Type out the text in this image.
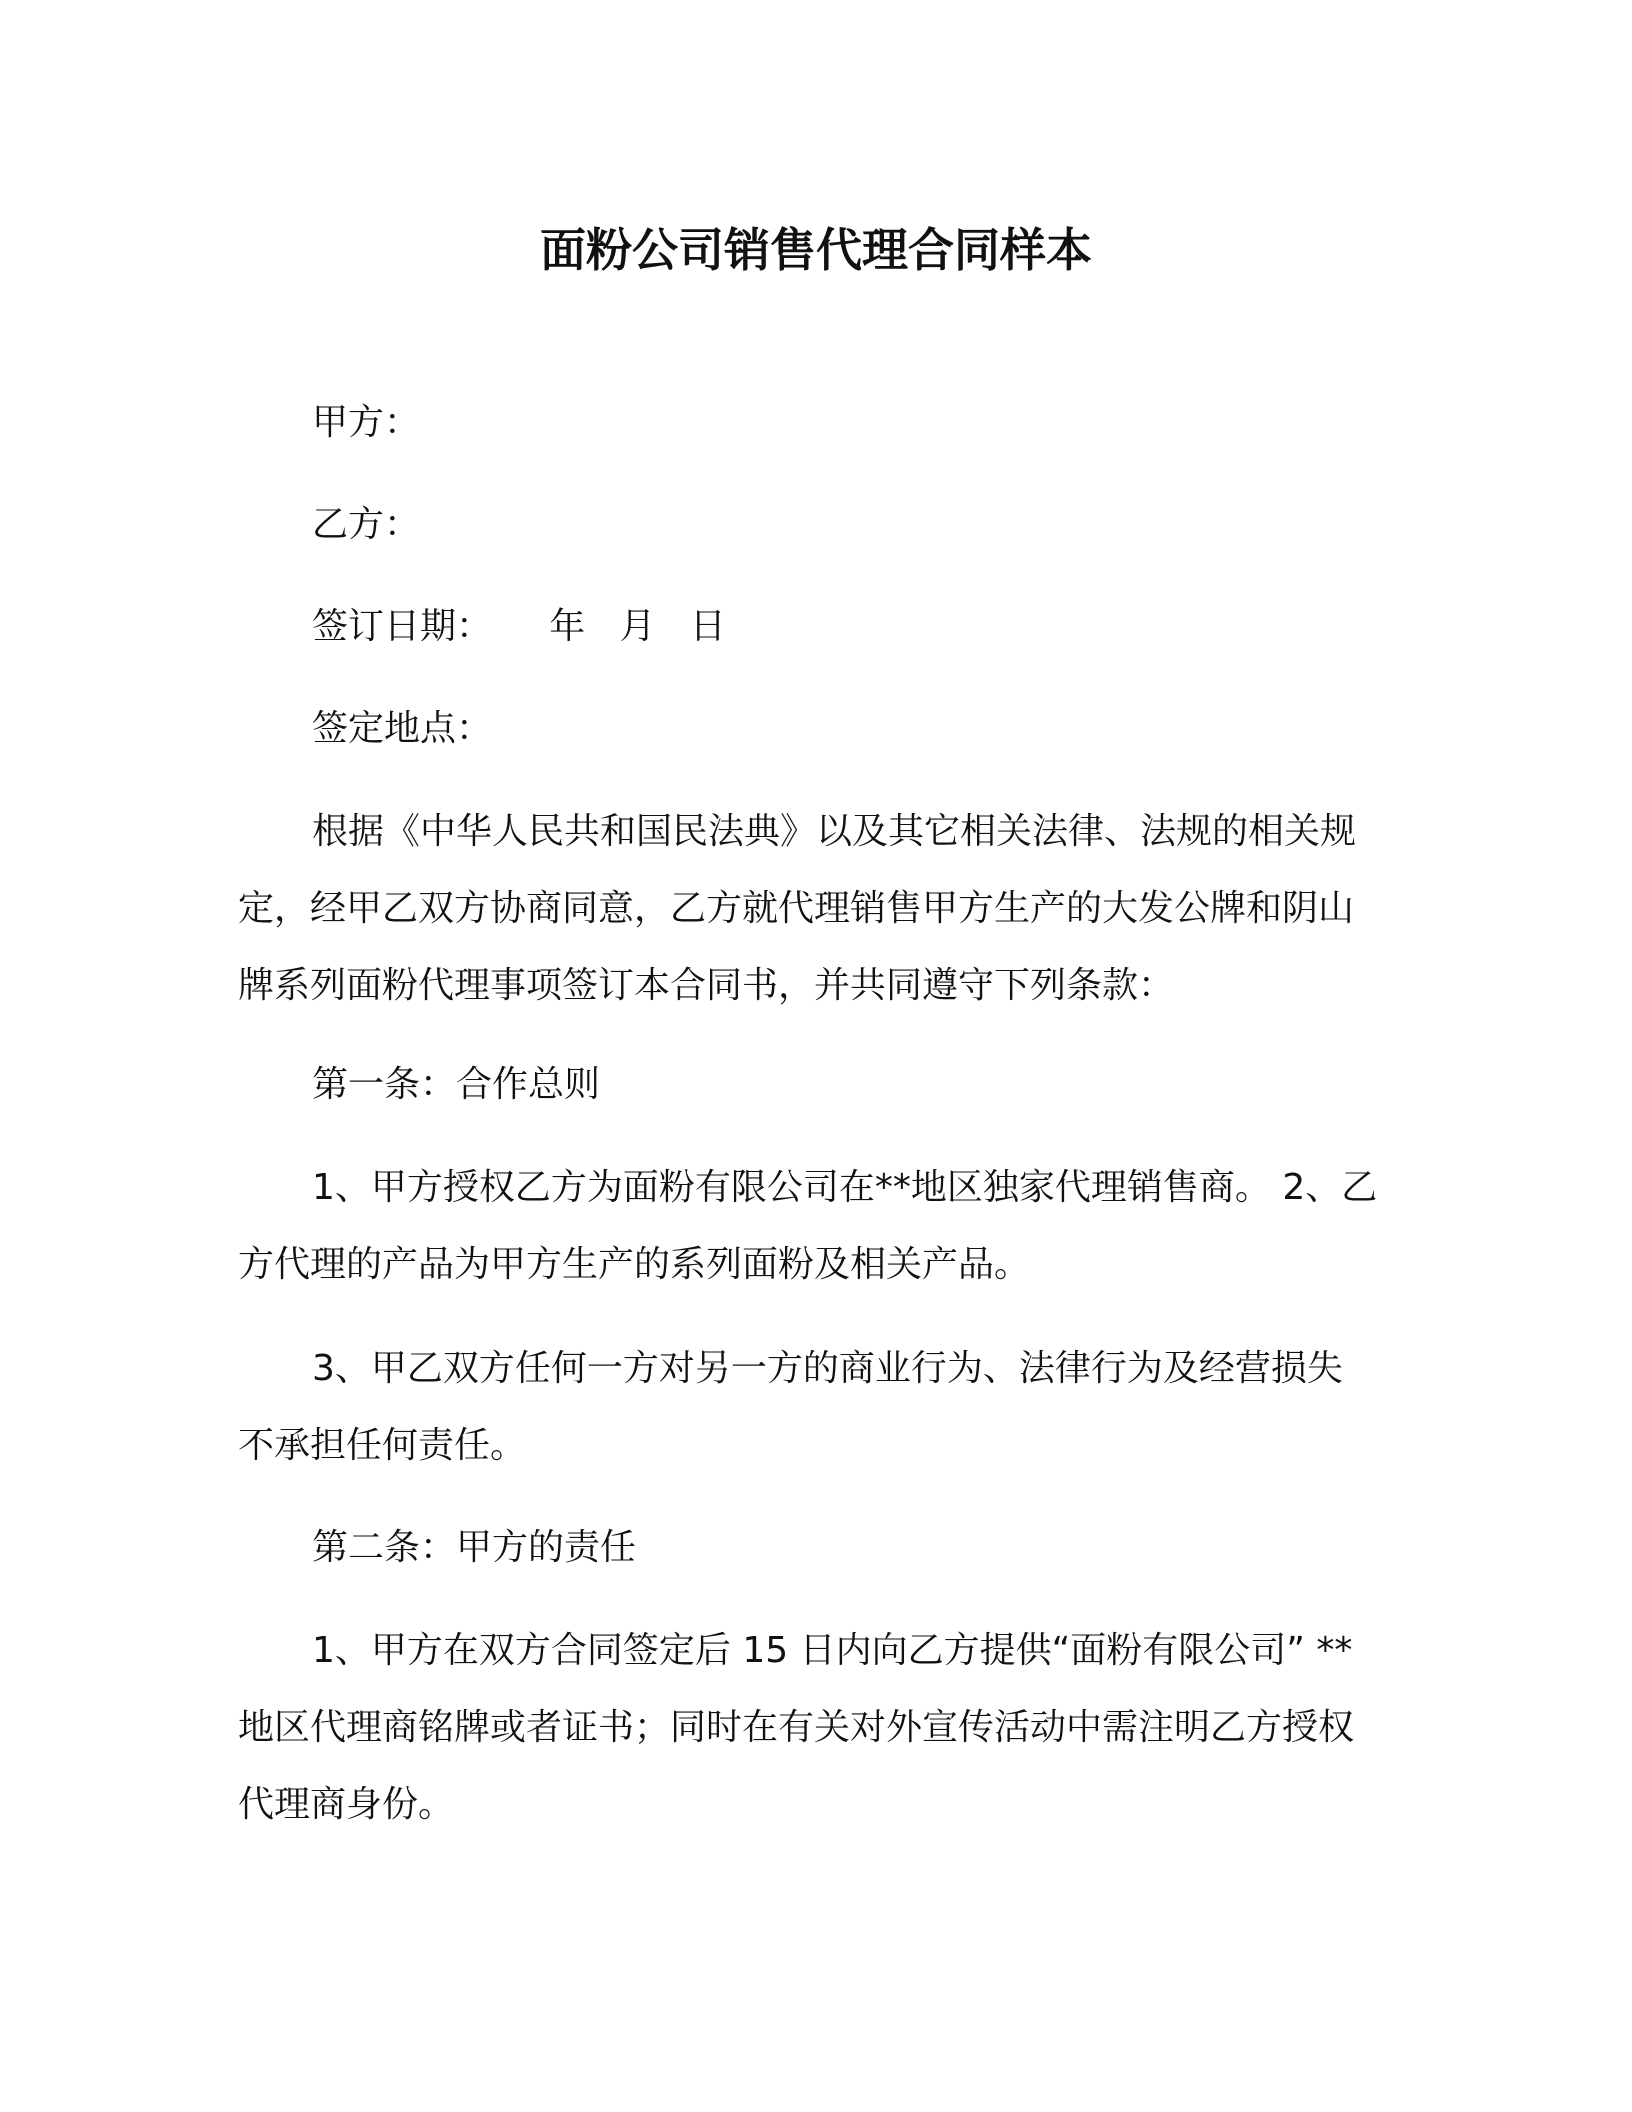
面粉公司销售代理合同样本
甲方：
乙方：
签订日期：     年   月   日
签定地点：

根据《中华人民共和国民法典》以及其它相关法律、法规的相关规定，经甲乙双方协商同意，乙方就代理销售甲方生产的大发公牌和阴山牌系列面粉代理事项签订本合同书，并共同遵守下列条款：

第一条：合作总则

1、甲方授权乙方为面粉有限公司在**地区独家代理销售商。 2、乙方代理的产品为甲方生产的系列面粉及相关产品。

3、甲乙双方任何一方对另一方的商业行为、法律行为及经营损失不承担任何责任。

第二条：甲方的责任

1、甲方在双方合同签定后 15 日内向乙方提供“面粉有限公司” **地区代理商铭牌或者证书；同时在有关对外宣传活动中需注明乙方授权代理商身份。
